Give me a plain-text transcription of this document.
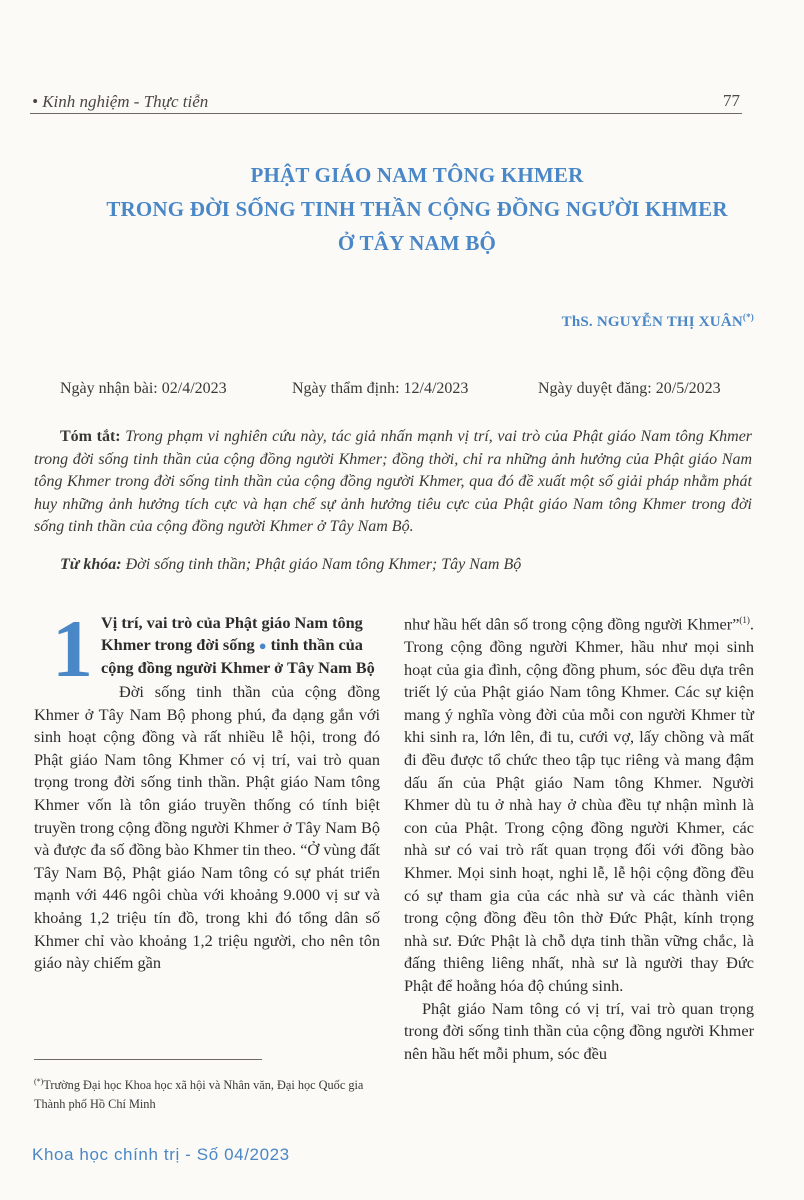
• Kinh nghiệm - Thực tiễn	77
PHẬT GIÁO NAM TÔNG KHMER
TRONG ĐỜI SỐNG TINH THẦN CỘNG ĐỒNG NGƯỜI KHMER
Ở TÂY NAM BỘ
ThS. NGUYỄN THỊ XUÂN(*)
Ngày nhận bài: 02/4/2023	Ngày thẩm định: 12/4/2023	Ngày duyệt đăng: 20/5/2023
Tóm tắt: Trong phạm vi nghiên cứu này, tác giả nhấn mạnh vị trí, vai trò của Phật giáo Nam tông Khmer trong đời sống tinh thần của cộng đồng người Khmer; đồng thời, chỉ ra những ảnh hưởng của Phật giáo Nam tông Khmer trong đời sống tinh thần của cộng đồng người Khmer, qua đó đề xuất một số giải pháp nhằm phát huy những ảnh hưởng tích cực và hạn chế sự ảnh hưởng tiêu cực của Phật giáo Nam tông Khmer trong đời sống tinh thần của cộng đồng người Khmer ở Tây Nam Bộ.
Từ khóa: Đời sống tinh thần; Phật giáo Nam tông Khmer; Tây Nam Bộ
1 Vị trí, vai trò của Phật giáo Nam tông Khmer trong đời sống ● tinh thần của cộng đồng người Khmer ở Tây Nam Bộ

Đời sống tinh thần của cộng đồng Khmer ở Tây Nam Bộ phong phú, đa dạng gắn với sinh hoạt cộng đồng và rất nhiều lễ hội, trong đó Phật giáo Nam tông Khmer có vị trí, vai trò quan trọng trong đời sống tinh thần. Phật giáo Nam tông Khmer vốn là tôn giáo truyền thống có tính biệt truyền trong cộng đồng người Khmer ở Tây Nam Bộ và được đa số đồng bào Khmer tin theo. “Ở vùng đất Tây Nam Bộ, Phật giáo Nam tông có sự phát triển mạnh với 446 ngôi chùa với khoảng 9.000 vị sư và khoảng 1,2 triệu tín đồ, trong khi đó tổng dân số Khmer chỉ vào khoảng 1,2 triệu người, cho nên tôn giáo này chiếm gần

như hầu hết dân số trong cộng đồng người Khmer”$^{(1)}$. Trong cộng đồng người Khmer, hầu như mọi sinh hoạt của gia đình, cộng đồng phum, sóc đều dựa trên triết lý của Phật giáo Nam tông Khmer. Các sự kiện mang ý nghĩa vòng đời của mỗi con người Khmer từ khi sinh ra, lớn lên, đi tu, cưới vợ, lấy chồng và mất đi đều được tổ chức theo tập tục riêng và mang đậm dấu ấn của Phật giáo Nam tông Khmer. Người Khmer dù tu ở nhà hay ở chùa đều tự nhận mình là con của Phật. Trong cộng đồng người Khmer, các nhà sư có vai trò rất quan trọng đối với đồng bào Khmer. Mọi sinh hoạt, nghi lễ, lễ hội cộng đồng đều có sự tham gia của các nhà sư và các thành viên trong cộng đồng đều tôn thờ Đức Phật, kính trọng nhà sư. Đức Phật là chỗ dựa tinh thần vững chắc, là đấng thiêng liêng nhất, nhà sư là người thay Đức Phật để hoằng hóa độ chúng sinh.

Phật giáo Nam tông có vị trí, vai trò quan trọng trong đời sống tinh thần của cộng đồng người Khmer nên hầu hết mỗi phum, sóc đều

(*)Trường Đại học Khoa học xã hội và Nhân văn, Đại học Quốc gia Thành phố Hồ Chí Minh
Khoa học chính trị - Số 04/2023
